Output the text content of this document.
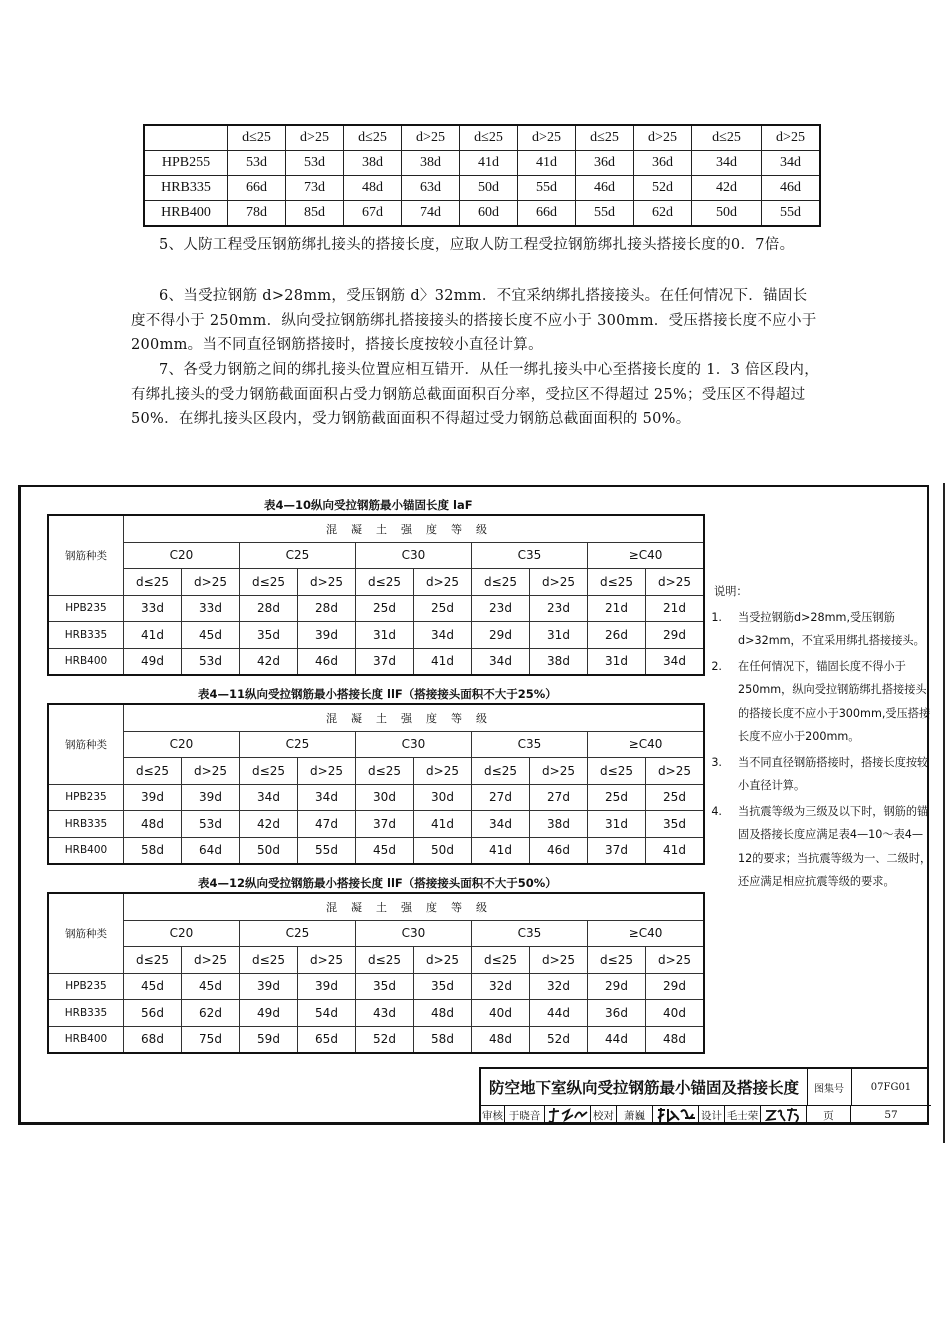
	d≤25	d>25	d≤25	d>25	d≤25	d>25	d≤25	d>25	d≤25	d>25
HPB255	53d	53d	38d	38d	41d	41d	36d	36d	34d	34d
HRB335	66d	73d	48d	63d	50d	55d	46d	52d	42d	46d
HRB400	78d	85d	67d	74d	60d	66d	55d	62d	50d	55d

5、人防工程受压钢筋绑扎接头的搭接长度，应取人防工程受拉钢筋绑扎接头搭接长度的0．7倍。

6、当受拉钢筋 d>28mm，受压钢筋 d〉32mm．不宜采纳绑扎搭接接头。在任何情况下．锚固长度不得小于 250mm．纵向受拉钢筋绑扎搭接接头的搭接长度不应小于 300mm．受压搭接长度不应小于 200mm。当不同直径钢筋搭接时，搭接长度按较小直径计算。

7、各受力钢筋之间的绑扎接头位置应相互错开．从任一绑扎接头中心至搭接长度的 1．3 倍区段内，有绑扎接头的受力钢筋截面面积占受力钢筋总截面面积百分率，受拉区不得超过 25%；受压区不得超过 50%．在绑扎接头区段内，受力钢筋截面面积不得超过受力钢筋总截面面积的 50%。

表4—10纵向受拉钢筋最小锚固长度 laF
钢筋种类	混凝土强度等级									
	C20		C25		C30		C35		≥C40	
	d≤25	d>25	d≤25	d>25	d≤25	d>25	d≤25	d>25	d≤25	d>25
HPB235	33d	33d	28d	28d	25d	25d	23d	23d	21d	21d
HRB335	41d	45d	35d	39d	31d	34d	29d	31d	26d	29d
HRB400	49d	53d	42d	46d	37d	41d	34d	38d	31d	34d
表4—11纵向受拉钢筋最小搭接长度 llF（搭接接头面积不大于25%）
钢筋种类	混凝土强度等级									
	C20		C25		C30		C35		≥C40	
	d≤25	d>25	d≤25	d>25	d≤25	d>25	d≤25	d>25	d≤25	d>25
HPB235	39d	39d	34d	34d	30d	30d	27d	27d	25d	25d
HRB335	48d	53d	42d	47d	37d	41d	34d	38d	31d	35d
HRB400	58d	64d	50d	55d	45d	50d	41d	46d	37d	41d
表4—12纵向受拉钢筋最小搭接长度 llF（搭接接头面积不大于50%）
钢筋种类	混凝土强度等级									
	C20		C25		C30		C35		≥C40	
	d≤25	d>25	d≤25	d>25	d≤25	d>25	d≤25	d>25	d≤25	d>25
HPB235	45d	45d	39d	39d	35d	35d	32d	32d	29d	29d
HRB335	56d	62d	49d	54d	43d	48d	40d	44d	36d	40d
HRB400	68d	75d	59d	65d	52d	58d	48d	52d	44d	48d

说明：

1.	当受拉钢筋d>28mm,受压钢筋d>32mm，不宜采用绑扎搭接接头。
2.	在任何情况下，锚固长度不得小于250mm，纵向受拉钢筋绑扎搭接接头的搭接长度不应小于300mm,受压搭接长度不应小于200mm。
3.	当不同直径钢筋搭接时，搭接长度按较小直径计算。
4.	当抗震等级为三级及以下时，钢筋的锚固及搭接长度应满足表4—10～表4—12的要求；当抗震等级为一、二级时，还应满足相应抗震等级的要求。
防空地下室纵向受拉钢筋最小锚固及搭接长度	图集号	07FG01
审核 于晓音	校对 萧巍	设计 毛士荣	页	57
